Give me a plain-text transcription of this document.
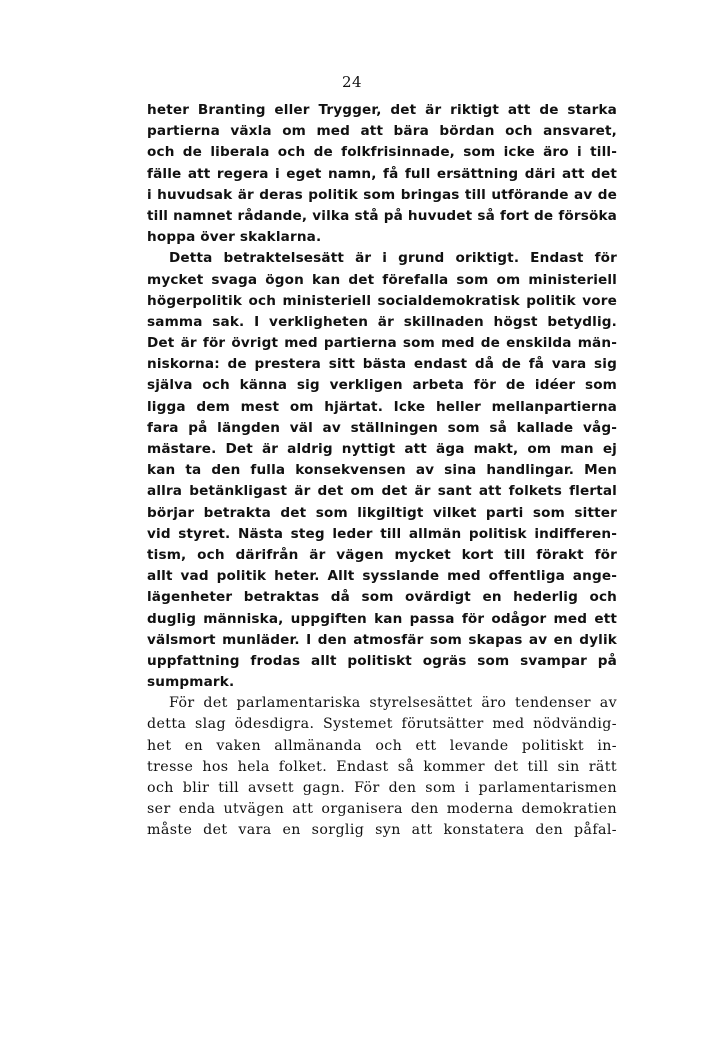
24
heter Branting eller Trygger, det är riktigt att de starka
partierna växla om med att bära bördan och ansvaret,
och de liberala och de folkfrisinnade, som icke äro i till-
fälle att regera i eget namn, få full ersättning däri att det
i huvudsak är deras politik som bringas till utförande av de
till namnet rådande, vilka stå på huvudet så fort de försöka
hoppa över skaklarna.
Detta betraktelsesätt är i grund oriktigt. Endast för
mycket svaga ögon kan det förefalla som om ministeriell
högerpolitik och ministeriell socialdemokratisk politik vore
samma sak. I verkligheten är skillnaden högst betydlig.
Det är för övrigt med partierna som med de enskilda män-
niskorna: de prestera sitt bästa endast då de få vara sig
själva och känna sig verkligen arbeta för de idéer som
ligga dem mest om hjärtat. Icke heller mellanpartierna
fara på längden väl av ställningen som så kallade våg-
mästare. Det är aldrig nyttigt att äga makt, om man ej
kan ta den fulla konsekvensen av sina handlingar. Men
allra betänkligast är det om det är sant att folkets flertal
börjar betrakta det som likgiltigt vilket parti som sitter
vid styret. Nästa steg leder till allmän politisk indifferen-
tism, och därifrån är vägen mycket kort till förakt för
allt vad politik heter. Allt sysslande med offentliga ange-
lägenheter betraktas då som ovärdigt en hederlig och
duglig människa, uppgiften kan passa för odågor med ett
välsmort munläder. I den atmosfär som skapas av en dylik
uppfattning frodas allt politiskt ogräs som svampar på
sumpmark.
För det parlamentariska styrelsesättet äro tendenser av
detta slag ödesdigra. Systemet förutsätter med nödvändig-
het en vaken allmänanda och ett levande politiskt in-
tresse hos hela folket. Endast så kommer det till sin rätt
och blir till avsett gagn. För den som i parlamentarismen
ser enda utvägen att organisera den moderna demokratien
måste det vara en sorglig syn att konstatera den påfal-
